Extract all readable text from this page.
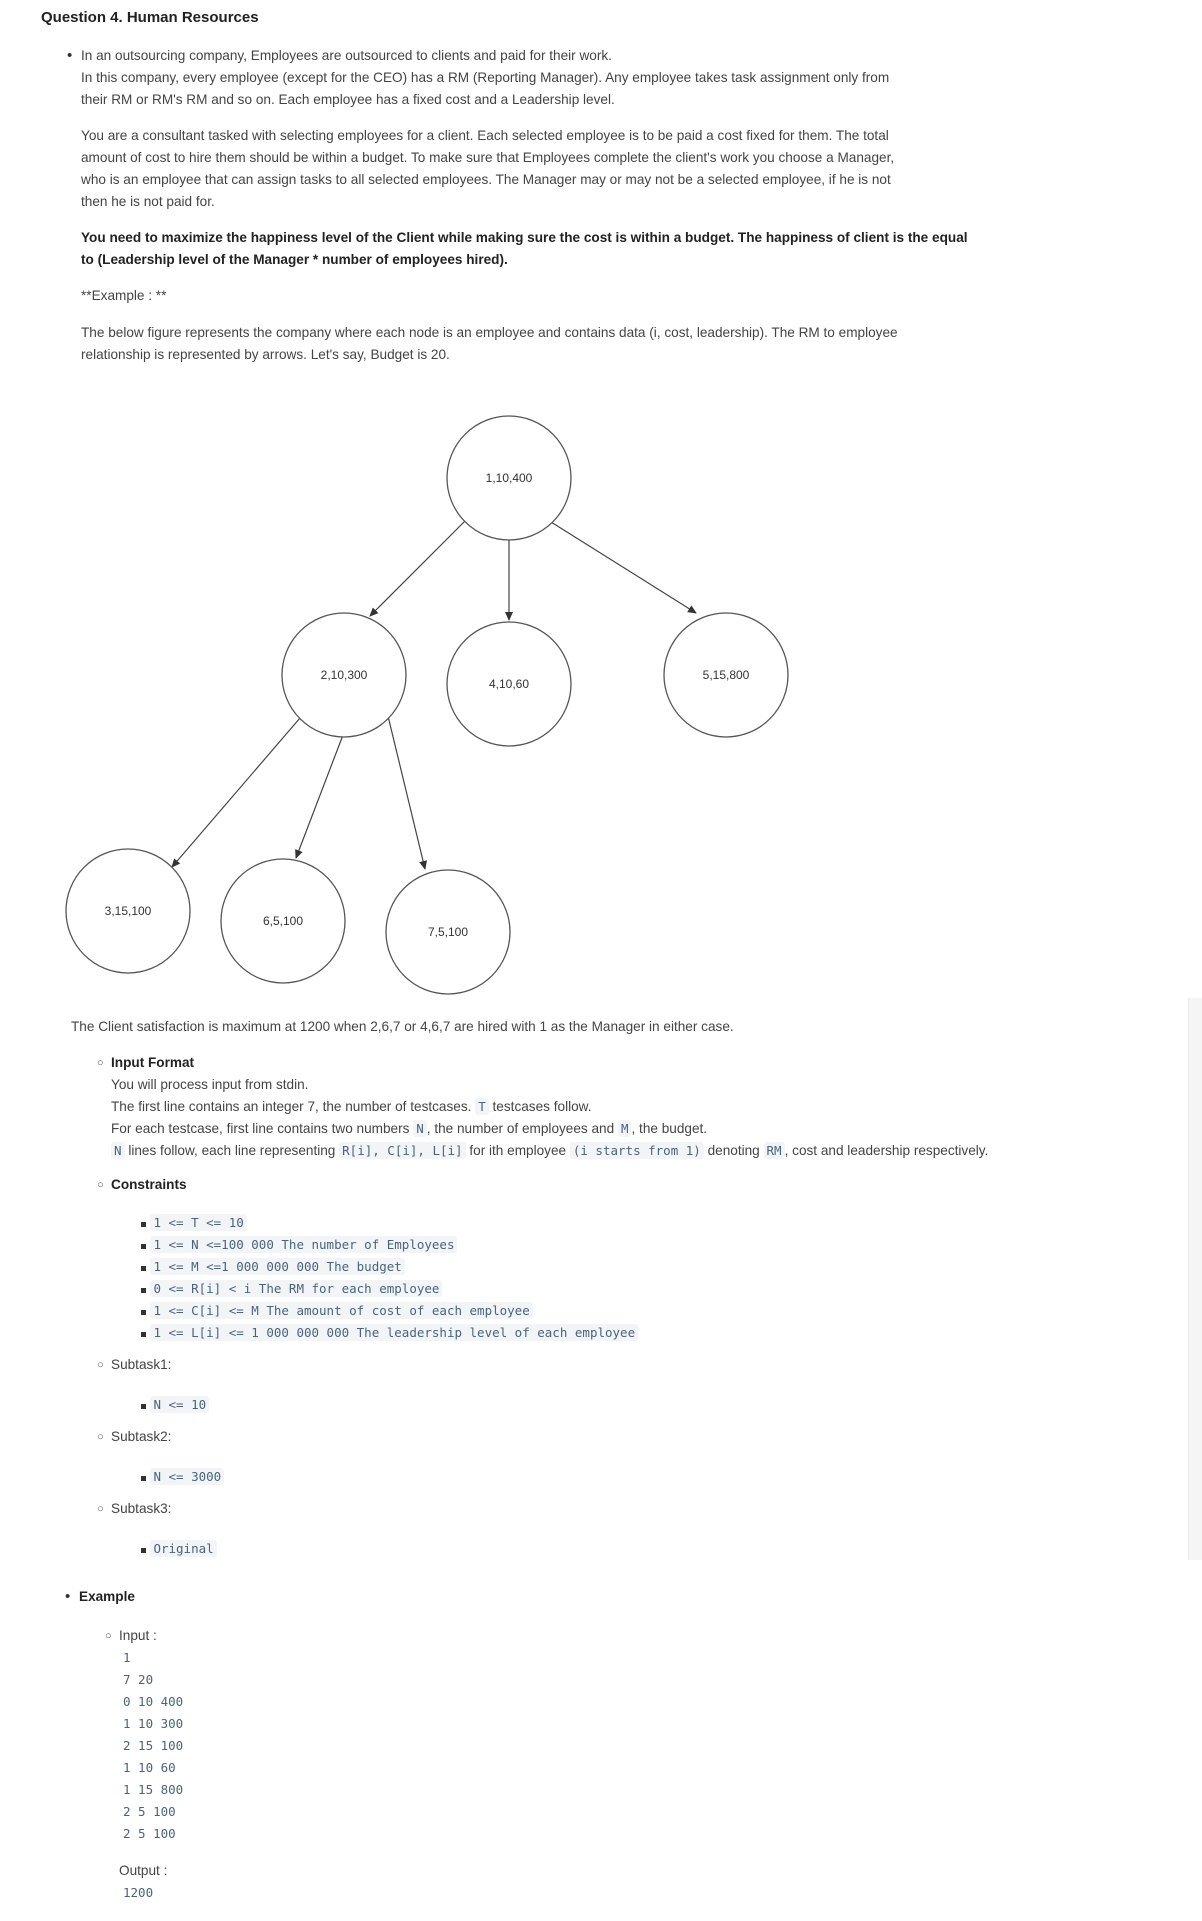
Question 4. Human Resources
• In an outsourcing company, Employees are outsourced to clients and paid for their work.
In this company, every employee (except for the CEO) has a RM (Reporting Manager). Any employee takes task assignment only from
their RM or RM's RM and so on. Each employee has a fixed cost and a Leadership level.
You are a consultant tasked with selecting employees for a client. Each selected employee is to be paid a cost fixed for them. The total
amount of cost to hire them should be within a budget. To make sure that Employees complete the client's work you choose a Manager,
who is an employee that can assign tasks to all selected employees. The Manager may or may not be a selected employee, if he is not
then he is not paid for.
You need to maximize the happiness level of the Client while making sure the cost is within a budget. The happiness of client is the equal
to (Leadership level of the Manager * number of employees hired).
**Example : **
The below figure represents the company where each node is an employee and contains data (i, cost, leadership). The RM to employee
relationship is represented by arrows. Let's say, Budget is 20.
1,10,400
2,10,300
4,10,60
5,15,800
3,15,100
6,5,100
7,5,100
The Client satisfaction is maximum at 1200 when 2,6,7 or 4,6,7 are hired with 1 as the Manager in either case.
○ Input Format
You will process input from stdin.
The first line contains an integer 7, the number of testcases. T testcases follow.
For each testcase, first line contains two numbers N , the number of employees and M , the budget.
N lines follow, each line representing R[i], C[i], L[i] for ith employee (i starts from 1) denoting RM , cost and leadership respectively.
○ Constraints
1 <= T <= 10
1 <= N <=100 000 The number of Employees
1 <= M <=1 000 000 000 The budget
0 <= R[i] < i The RM for each employee
1 <= C[i] <= M The amount of cost of each employee
1 <= L[i] <= 1 000 000 000 The leadership level of each employee
○ Subtask1:
N <= 10
○ Subtask2:
N <= 3000
○ Subtask3:
Original
• Example
○ Input :
1
7 20
0 10 400
1 10 300
2 15 100
1 10 60
1 15 800
2 5 100
2 5 100
Output :
1200
